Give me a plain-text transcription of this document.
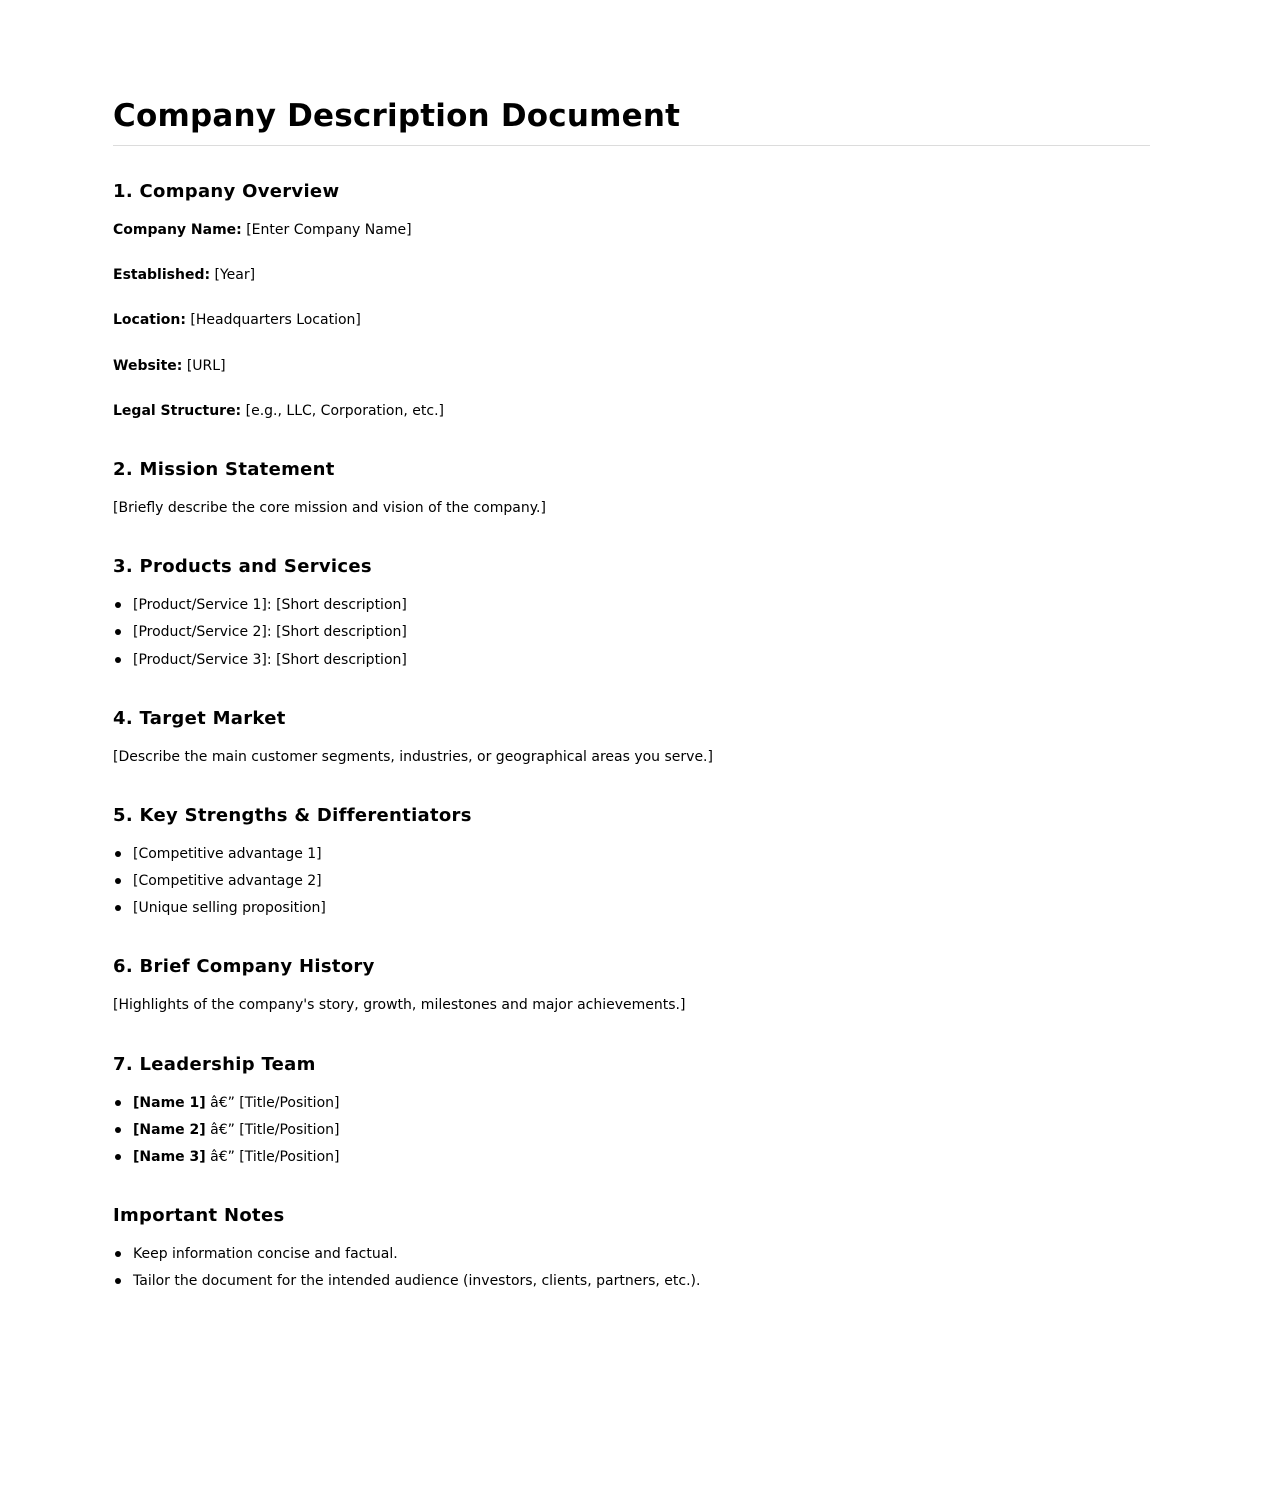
Company Description Document
1. Company Overview

Company Name: [Enter Company Name]

Established: [Year]

Location: [Headquarters Location]

Website: [URL]

Legal Structure: [e.g., LLC, Corporation, etc.]

2. Mission Statement

[Briefly describe the core mission and vision of the company.]

3. Products and Services

[Product/Service 1]: [Short description]

[Product/Service 2]: [Short description]

[Product/Service 3]: [Short description]

4. Target Market

[Describe the main customer segments, industries, or geographical areas you serve.]

5. Key Strengths & Differentiators

[Competitive advantage 1]

[Competitive advantage 2]

[Unique selling proposition]

6. Brief Company History

[Highlights of the company's story, growth, milestones and major achievements.]

7. Leadership Team

[Name 1] â€” [Title/Position]

[Name 2] â€” [Title/Position]

[Name 3] â€” [Title/Position]

Important Notes

Keep information concise and factual.

Tailor the document for the intended audience (investors, clients, partners, etc.).
